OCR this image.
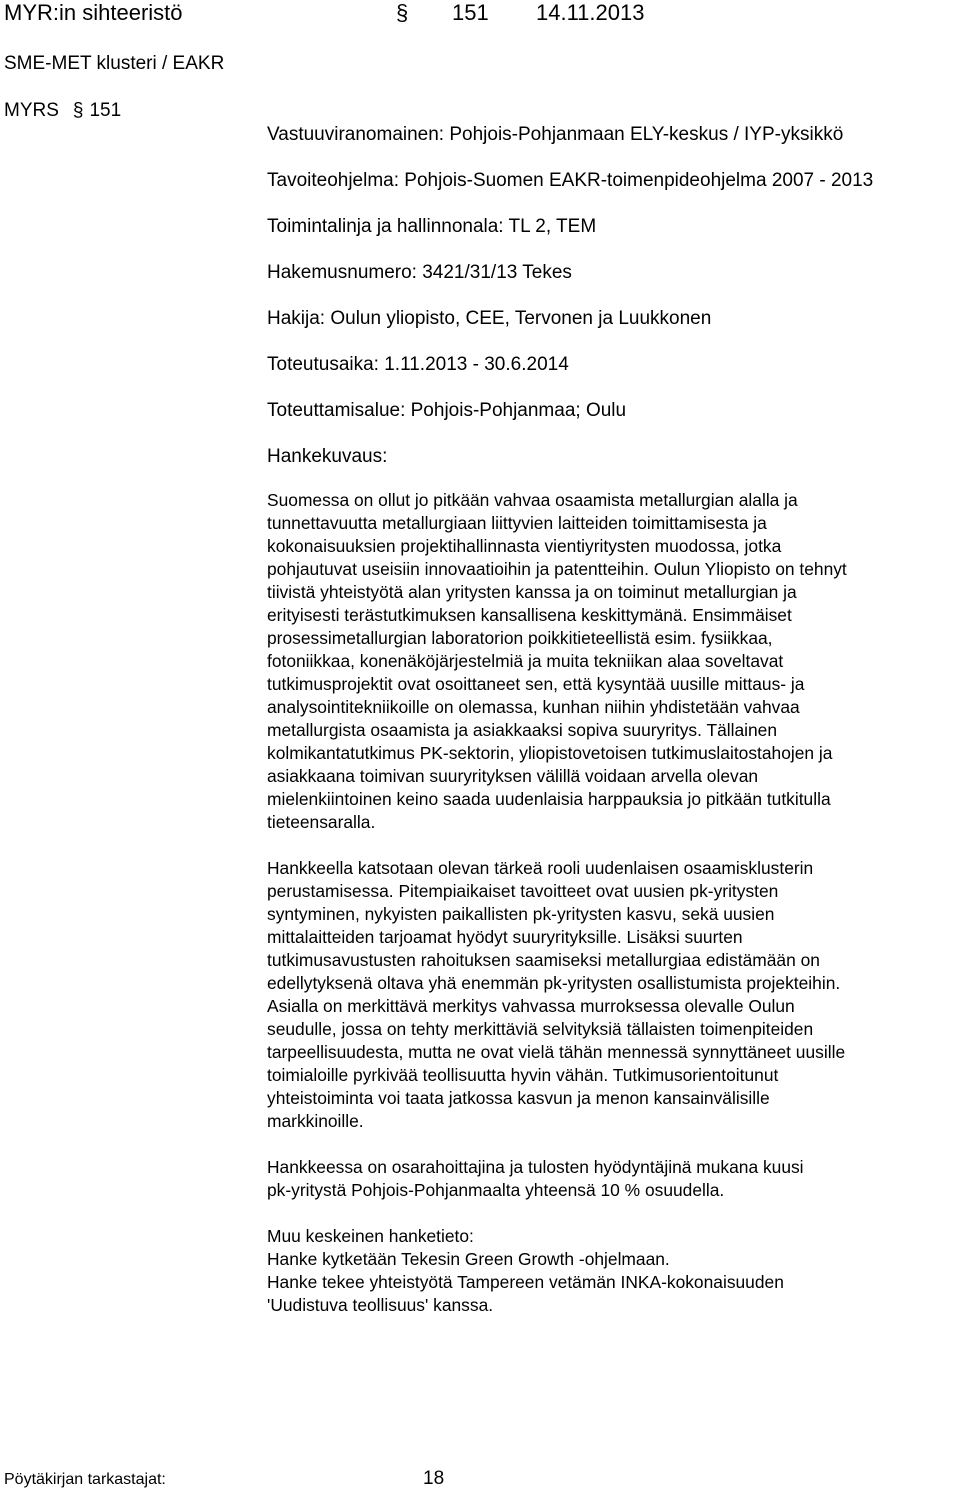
MYR:in sihteeristö	§ 151 14.11.2013
SME-MET klusteri / EAKR
MYRS § 151
Vastuuviranomainen: Pohjois-Pohjanmaan ELY-keskus / IYP-yksikkö
Tavoiteohjelma: Pohjois-Suomen EAKR-toimenpideohjelma 2007 - 2013
Toimintalinja ja hallinnonala: TL 2, TEM
Hakemusnumero: 3421/31/13 Tekes
Hakija: Oulun yliopisto, CEE, Tervonen ja Luukkonen
Toteutusaika: 1.11.2013 - 30.6.2014
Toteuttamisalue: Pohjois-Pohjanmaa; Oulu
Hankekuvaus:
Suomessa on ollut jo pitkään vahvaa osaamista metallurgian alalla ja
tunnettavuutta metallurgiaan liittyvien laitteiden toimittamisesta ja
kokonaisuuksien projektihallinnasta vientiyritysten muodossa, jotka
pohjautuvat useisiin innovaatioihin ja patentteihin. Oulun Yliopisto on tehnyt
tiivistä yhteistyötä alan yritysten kanssa ja on toiminut metallurgian ja
erityisesti terästutkimuksen kansallisena keskittymänä. Ensimmäiset
prosessimetallurgian laboratorion poikkitieteellistä esim. fysiikkaa,
fotoniikkaa, konenäköjärjestelmiä ja muita tekniikan alaa soveltavat
tutkimusprojektit ovat osoittaneet sen, että kysyntää uusille mittaus- ja
analysointitekniikoille on olemassa, kunhan niihin yhdistetään vahvaa
metallurgista osaamista ja asiakkaaksi sopiva suuryritys. Tällainen
kolmikantatutkimus PK-sektorin, yliopistovetoisen tutkimuslaitostahojen ja
asiakkaana toimivan suuryrityksen välillä voidaan arvella olevan
mielenkiintoinen keino saada uudenlaisia harppauksia jo pitkään tutkitulla
tieteensaralla.
Hankkeella katsotaan olevan tärkeä rooli uudenlaisen osaamisklusterin
perustamisessa. Pitempiaikaiset tavoitteet ovat uusien pk-yritysten
syntyminen, nykyisten paikallisten pk-yritysten kasvu, sekä uusien
mittalaitteiden tarjoamat hyödyt suuryrityksille. Lisäksi suurten
tutkimusavustusten rahoituksen saamiseksi metallurgiaa edistämään on
edellytyksenä oltava yhä enemmän pk-yritysten osallistumista projekteihin.
Asialla on merkittävä merkitys vahvassa murroksessa olevalle Oulun
seudulle, jossa on tehty merkittäviä selvityksiä tällaisten toimenpiteiden
tarpeellisuudesta, mutta ne ovat vielä tähän mennessä synnyttäneet uusille
toimialoille pyrkivää teollisuutta hyvin vähän. Tutkimusorientoitunut
yhteistoiminta voi taata jatkossa kasvun ja menon kansainvälisille
markkinoille.
Hankkeessa on osarahoittajina ja tulosten hyödyntäjinä mukana kuusi
pk-yritystä Pohjois-Pohjanmaalta yhteensä 10 % osuudella.
Muu keskeinen hanketieto:
Hanke kytketään Tekesin Green Growth -ohjelmaan.
Hanke tekee yhteistyötä Tampereen vetämän INKA-kokonaisuuden
'Uudistuva teollisuus' kanssa.
Pöytäkirjan tarkastajat:	18
